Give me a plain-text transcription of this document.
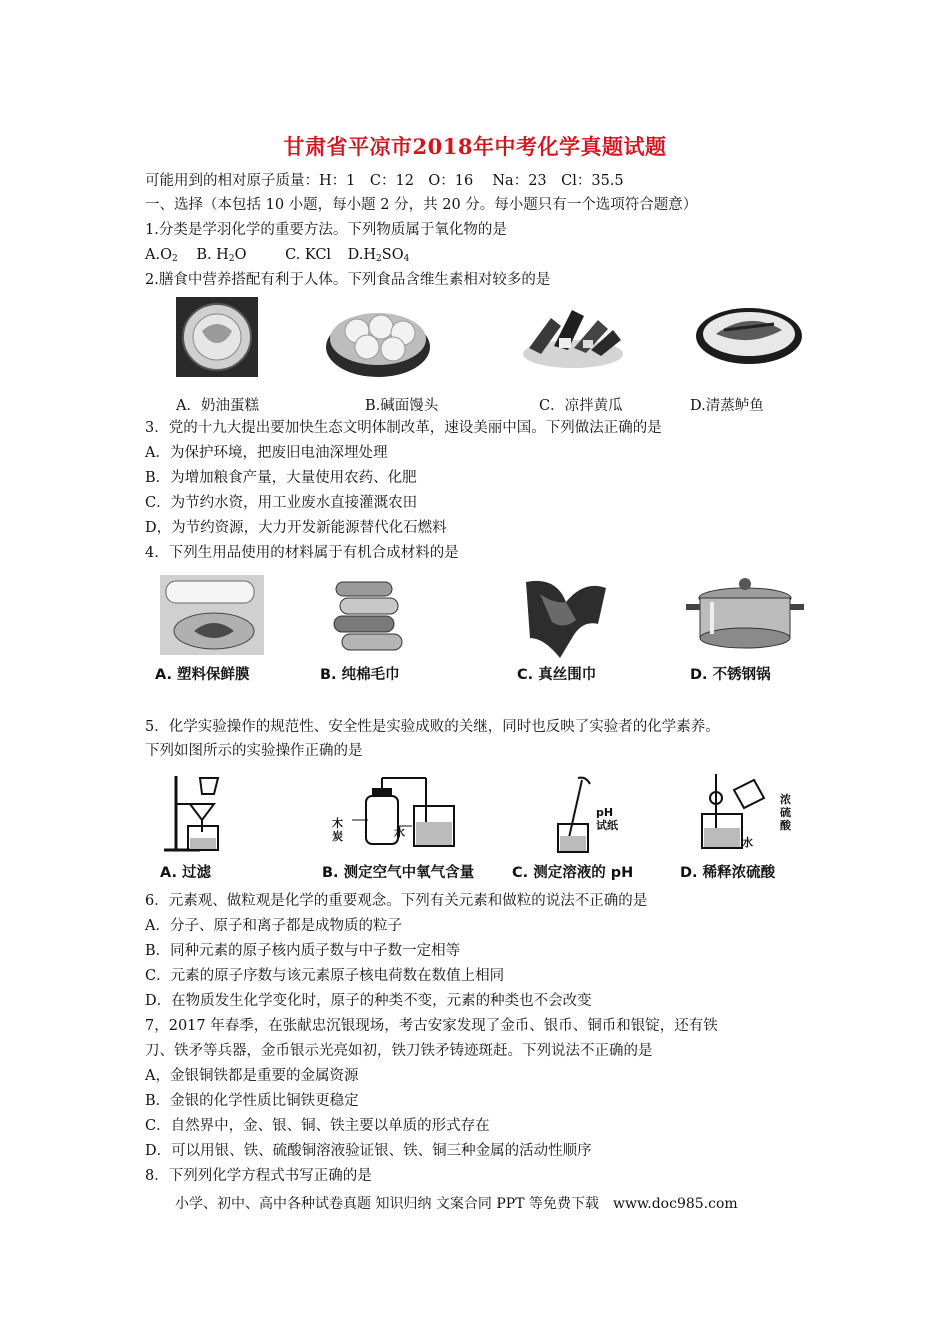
甘肃省平凉市2018年中考化学真题试题
可能用到的相对原子质量：H：1　C：12　O：16　 Na：23　Cl：35.5
一、选择（本包括 10 小题，每小题 2 分，共 20 分。每小题只有一个选项符合题意）
1.分类是学羽化学的重要方法。下列物质属于氧化物的是
$A.O_2$ B. $H_2O$	C. KCl $D.H_2SO_4$
2.膳食中营养搭配有利于人体。下列食品含维生素相对较多的是
A．奶油蛋糕	B.碱面馒头	C．凉拌黄瓜	D.清蒸鲈鱼
3．党的十九大提出要加快生态文明体制改革，速设美丽中国。下列做法正确的是
A．为保护环境，把废旧电油深埋处理
B．为增加粮食产量，大量使用农药、化肥
C．为节约水资，用工业废水直接灌溉农田
D，为节约资源，大力开发新能源替代化石燃料
4．下列生用品使用的材料属于有机合成材料的是
A. 塑料保鲜膜	B. 纯棉毛巾	C. 真丝围巾	D. 不锈钢锅
5．化学实验操作的规范性、安全性是实验成败的关继，同时也反映了实验者的化学素养。
下列如图所示的实验操作正确的是
木炭	水
pH
试纸
水
浓硫酸
A. 过滤	B. 测定空气中氧气含量	C. 测定溶液的 pH	D. 稀释浓硫酸
6．元素观、做粒观是化学的重要观念。下列有关元素和做粒的说法不正确的是
A．分子、原子和离子都是成物质的粒子
B．同种元素的原子核内质子数与中子数一定相等
C．元素的原子序数与该元素原子核电荷数在数值上相同
D．在物质发生化学变化时，原子的种类不变，元素的种类也不会改变
7，2017 年春季，在张献忠沉银现场，考古安家发现了金币、银币、铜币和银锭，还有铁
刀、铁矛等兵器，金币银示光亮如初，铁刀铁矛铸迹斑赶。下列说法不正确的是
A，金银铜铁都是重要的金属资源
B．金银的化学性质比铜铁更稳定
C．自然界中，金、银、铜、铁主要以单质的形式存在
D．可以用银、铁、硫酸铜溶液验证银、铁、铜三种金属的活动性顺序
8．下列列化学方程式书写正确的是
小学、初中、高中各种试卷真题 知识归纳 文案合同 PPT 等免费下载　www.doc985.com
